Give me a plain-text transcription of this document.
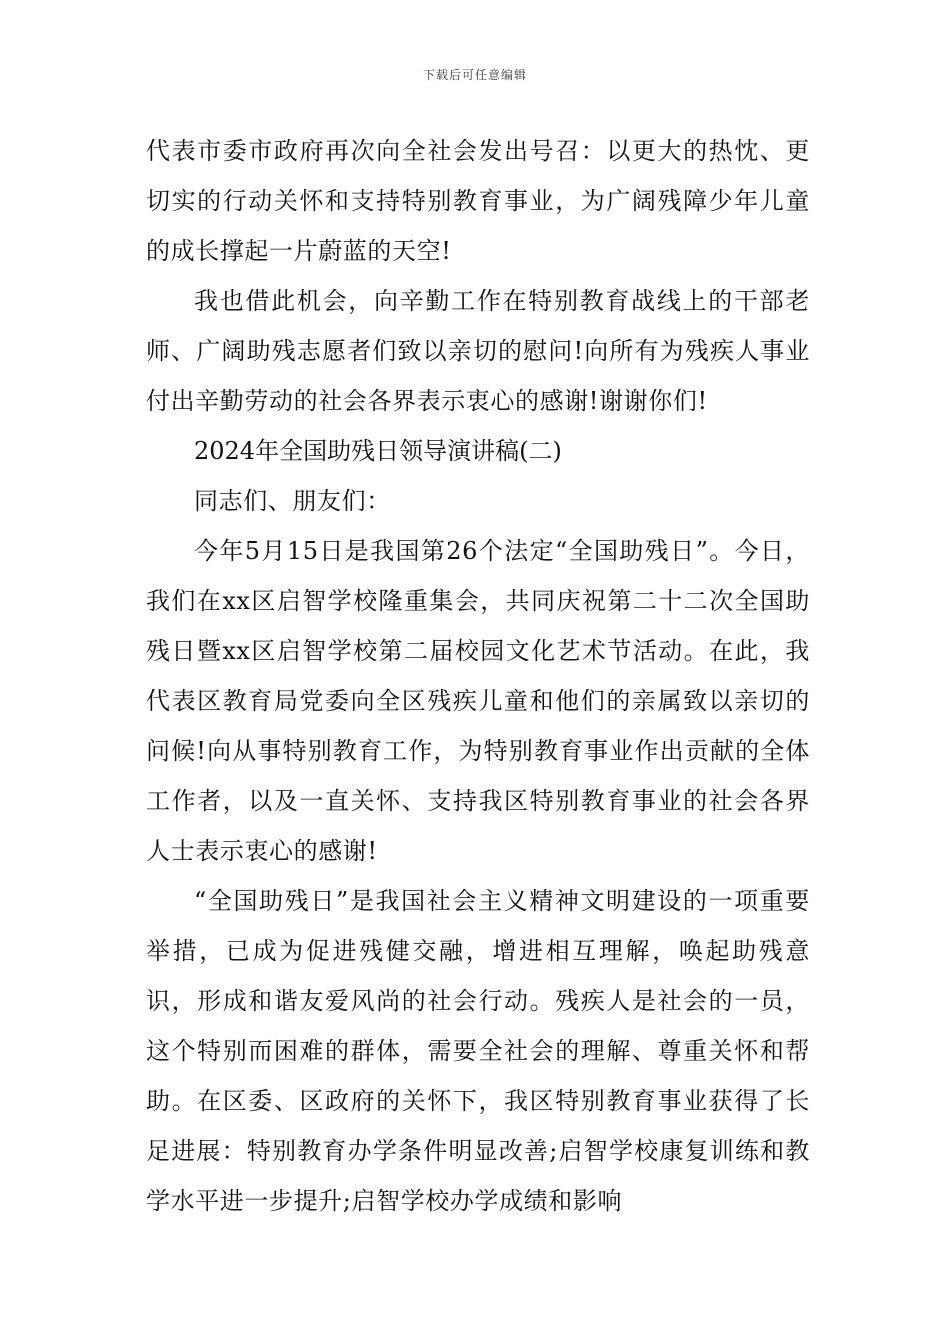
下载后可任意编辑

代表市委市政府再次向全社会发出号召：以更大的热忱、更切实的行动关怀和支持特别教育事业，为广阔残障少年儿童的成长撑起一片蔚蓝的天空!

我也借此机会，向辛勤工作在特别教育战线上的干部老师、广阔助残志愿者们致以亲切的慰问!向所有为残疾人事业付出辛勤劳动的社会各界表示衷心的感谢!谢谢你们!

2024年全国助残日领导演讲稿(二)

同志们、朋友们：

今年5月15日是我国第26个法定“全国助残日”。今日，我们在xx区启智学校隆重集会，共同庆祝第二十二次全国助残日暨xx区启智学校第二届校园文化艺术节活动。在此，我代表区教育局党委向全区残疾儿童和他们的亲属致以亲切的问候!向从事特别教育工作，为特别教育事业作出贡献的全体工作者，以及一直关怀、支持我区特别教育事业的社会各界人士表示衷心的感谢!

“全国助残日”是我国社会主义精神文明建设的一项重要举措，已成为促进残健交融，增进相互理解，唤起助残意识，形成和谐友爱风尚的社会行动。残疾人是社会的一员，这个特别而困难的群体，需要全社会的理解、尊重关怀和帮助。在区委、区政府的关怀下，我区特别教育事业获得了长足进展：特别教育办学条件明显改善;启智学校康复训练和教学水平进一步提升;启智学校办学成绩和影响
